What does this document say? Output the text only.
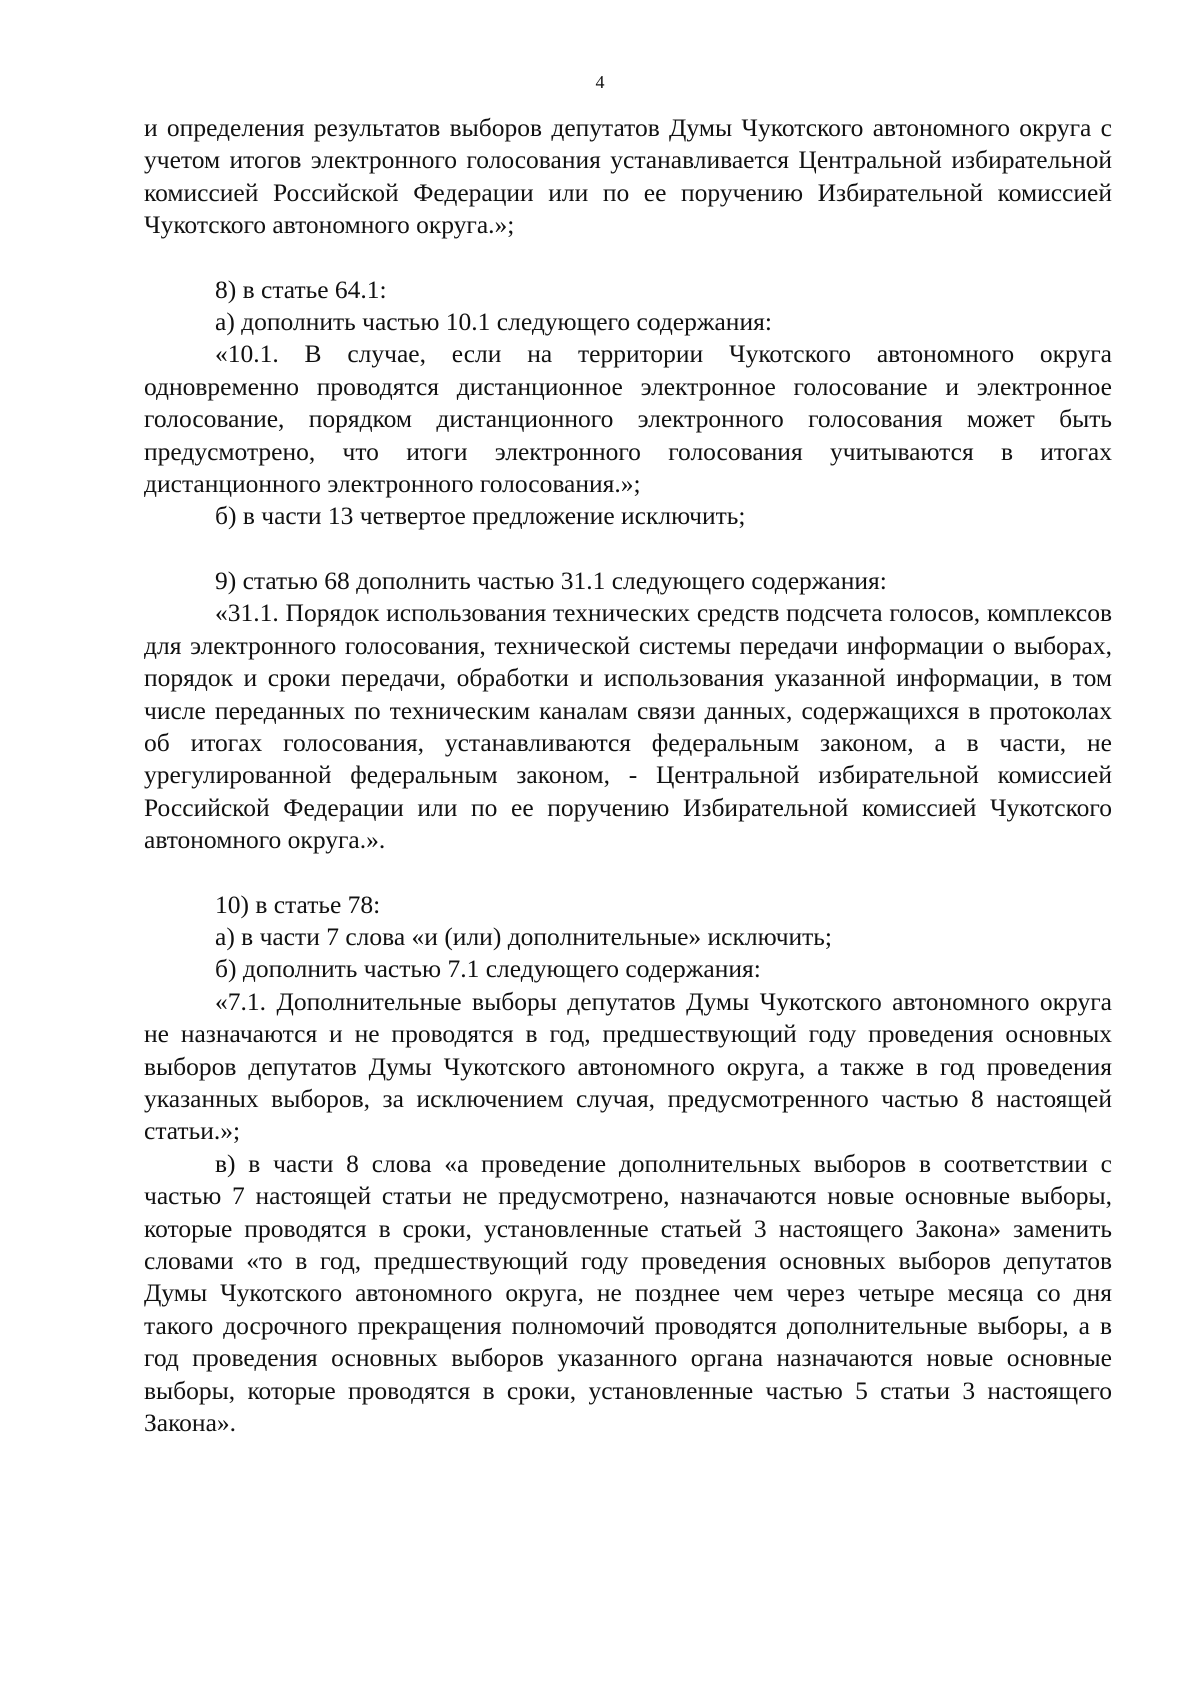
4

и определения результатов выборов депутатов Думы Чукотского автономного округа с учетом итогов электронного голосования устанавливается Центральной избирательной комиссией Российской Федерации или по ее поручению Избирательной комиссией Чукотского автономного округа.»;

8) в статье 64.1:

а) дополнить частью 10.1 следующего содержания:

«10.1. В случае, если на территории Чукотского автономного округа одновременно проводятся дистанционное электронное голосование и электронное голосование, порядком дистанционного электронного голосования может быть предусмотрено, что итоги электронного голосования учитываются в итогах дистанционного электронного голосования.»;

б) в части 13 четвертое предложение исключить;

9) статью 68 дополнить частью 31.1 следующего содержания:

«31.1. Порядок использования технических средств подсчета голосов, комплексов для электронного голосования, технической системы передачи информации о выборах, порядок и сроки передачи, обработки и использования указанной информации, в том числе переданных по техническим каналам связи данных, содержащихся в протоколах об итогах голосования, устанавливаются федеральным законом, а в части, не урегулированной федеральным законом, - Центральной избирательной комиссией Российской Федерации или по ее поручению Избирательной комиссией Чукотского автономного округа.».

10) в статье 78:

а) в части 7 слова «и (или) дополнительные» исключить;

б) дополнить частью 7.1 следующего содержания:

«7.1. Дополнительные выборы депутатов Думы Чукотского автономного округа не назначаются и не проводятся в год, предшествующий году проведения основных выборов депутатов Думы Чукотского автономного округа, а также в год проведения указанных выборов, за исключением случая, предусмотренного частью 8 настоящей статьи.»;

в) в части 8 слова «а проведение дополнительных выборов в соответствии с частью 7 настоящей статьи не предусмотрено, назначаются новые основные выборы, которые проводятся в сроки, установленные статьей 3 настоящего Закона» заменить словами «то в год, предшествующий году проведения основных выборов депутатов Думы Чукотского автономного округа, не позднее чем через четыре месяца со дня такого досрочного прекращения полномочий проводятся дополнительные выборы, а в год проведения основных выборов указанного органа назначаются новые основные выборы, которые проводятся в сроки, установленные частью 5 статьи 3 настоящего Закона».
